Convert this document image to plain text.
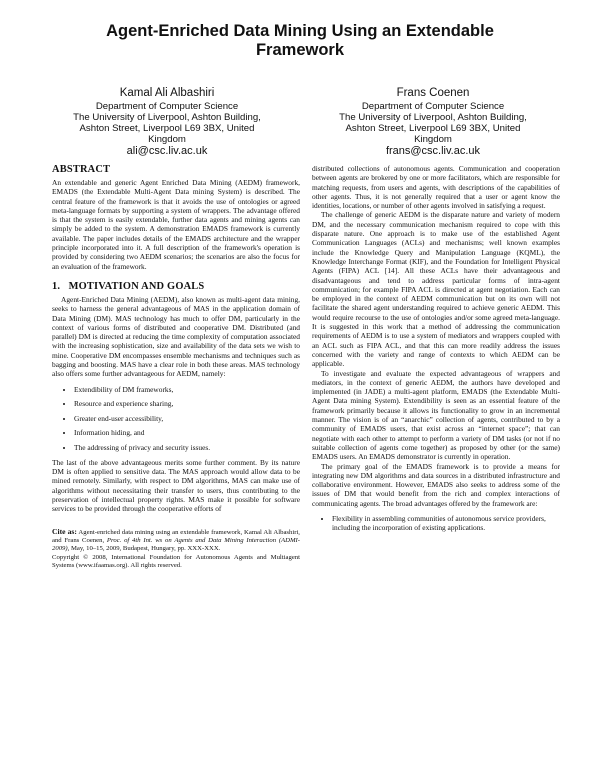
Agent-Enriched Data Mining Using an Extendable
Framework
Kamal Ali Albashiri
Department of Computer Science
The University of Liverpool, Ashton Building,
Ashton Street, Liverpool L69 3BX, United
Kingdom
ali@csc.liv.ac.uk
Frans Coenen
Department of Computer Science
The University of Liverpool, Ashton Building,
Ashton Street, Liverpool L69 3BX, United
Kingdom
frans@csc.liv.ac.uk
ABSTRACT

An extendable and generic Agent Enriched Data Mining (AEDM) framework, EMADS (the Extendable Multi-Agent Data mining System) is described. The central feature of the framework is that it avoids the use of ontologies or agreed meta-language formats by supporting a system of wrappers. The advantage offered is that the system is easily extendable, further data agents and mining agents can simply be added to the system. A demonstration EMADS framework is currently available. The paper includes details of the EMADS architecture and the wrapper principle incorporated into it. A full description of the framework's operation is provided by considering two AEDM scenarios; the scenarios are also the focus for an evaluation of the framework.

1.   MOTIVATION AND GOALS

Agent-Enriched Data Mining (AEDM), also known as multi-agent data mining, seeks to harness the general advantageous of MAS in the application domain of Data Mining (DM). MAS technology has much to offer DM, particularly in the context of various forms of distributed and cooperative DM. Distributed (and parallel) DM is directed at reducing the time complexity of computation associated with the increasing sophistication, size and availability of the data sets we wish to mine. Cooperative DM encompasses ensemble mechanisms and techniques such as bagging and boosting. MAS have a clear role in both these areas. MAS technology also offers some further advantageous for AEDM, namely:

• Extendibility of DM frameworks,
• Resource and experience sharing,
• Greater end-user accessibility,
• Information hiding, and
• The addressing of privacy and security issues.

The last of the above advantageous merits some further comment. By its nature DM is often applied to sensitive data. The MAS approach would allow data to be mined remotely. Similarly, with respect to DM algorithms, MAS can make use of algorithms without necessitating their transfer to users, thus contributing to the preservation of intellectual property rights. MAS make it possible for software services to be provided through the cooperative efforts of

Cite as: Agent-enriched data mining using an extendable framework, Kamal Ali Albashiri, and Frans Coenen, Proc. of 4th Int. ws on Agents and Data Mining Interaction (ADMI-2009), May, 10–15, 2009, Budapest, Hungary, pp. XXX-XXX.
Copyright © 2008, International Foundation for Autonomous Agents and Multiagent Systems (www.ifaamas.org). All rights reserved.

distributed collections of autonomous agents. Communication and cooperation between agents are brokered by one or more facilitators, which are responsible for matching requests, from users and agents, with descriptions of the capabilities of other agents. Thus, it is not generally required that a user or agent know the identities, locations, or number of other agents involved in satisfying a request.

The challenge of generic AEDM is the disparate nature and variety of modern DM, and the necessary communication mechanism required to cope with this disparate nature. One approach is to make use of the established Agent Communication Languages (ACLs) and mechanisms; well known examples include the Knowledge Query and Manipulation Language (KQML), the Knowledge Interchange Format (KIF), and the Foundation for Intelligent Physical Agents (FIPA) ACL [14]. All these ACLs have their advantageous and disadvantageous and tend to address particular forms of intra-agent communication; for example FIPA ACL is directed at agent negotiation. Each can be employed in the context of AEDM communication but on its own will not facilitate the shared agent understanding required to achieve generic AEDM. This would require recourse to the use of ontologies and/or some agreed meta-language. It is suggested in this work that a method of addressing the communication requirements of AEDM is to use a system of mediators and wrappers coupled with an ACL such as FIPA ACL, and that this can more readily address the issues concerned with the variety and range of contexts to which AEDM can be applicable.

To investigate and evaluate the expected advantageous of wrappers and mediators, in the context of generic AEDM, the authors have developed and implemented (in JADE) a multi-agent platform, EMADS (the Extendable Multi-Agent Data mining System). Extendibility is seen as an essential feature of the framework primarily because it allows its functionality to grow in an incremental manner. The vision is of an “anarchic” collection of agents, contributed to by a community of EMADS users, that exist across an “internet space”; that can negotiate with each other to attempt to perform a variety of DM tasks (or not if no suitable collection of agents come together) as proposed by other (or the same) EMADS users. An EMADS demonstrator is currently in operation.

The primary goal of the EMADS framework is to provide a means for integrating new DM algorithms and data sources in a distributed infrastructure and collaborative environment. However, EMADS also seeks to address some of the issues of DM that would benefit from the rich and complex interactions of communicating agents. The broad advantages offered by the framework are:

• Flexibility in assembling communities of autonomous service providers, including the incorporation of existing applications.
